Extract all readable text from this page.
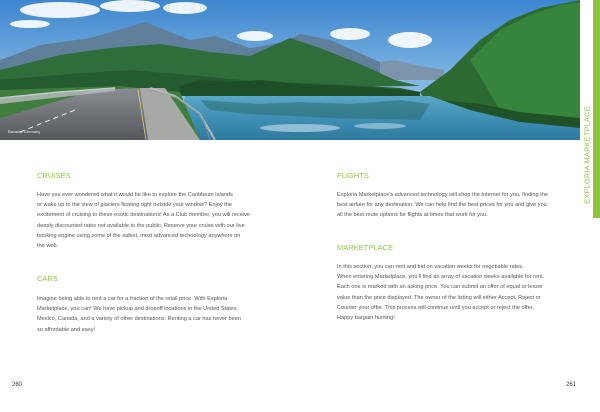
Bavaria, Germany	EXPLORIA MARKETPLACE
CRUISES

Have you ever wondered what it would be like to explore the Caribbean Islands

or wake up to the view of glaciers floating right outside your window? Enjoy the

excitement of cruising to these exotic destinations! As a Club member, you will receive

deeply discounted rates not available to the public. Reserve your cruise with our live

booking engine using some of the safest, most advanced technology anywhere on

the web.

CARS

Imagine being able to rent a car for a fraction of the retail price. With Exploria

Marketplace, you can! We have pickup and dropoff locations in the United States,

Mexico, Canada, and a variety of other destinations. Renting a car has never been

so affordable and easy!

260
FLIGHTS

Exploria Marketplace's advanced technology will shop the Internet for you, finding the

best airfare for any destination. We can help find the best prices for you and give you

all the best route options for flights at times that work for you.

MARKETPLACE

In this section, you can rent and bid on vacation weeks for negotiable rates.

When entering Marketplace, you'll find an array of vacation weeks available for rent.

Each one is marked with an asking price. You can submit an offer of equal or lesser

value than the price displayed. The owner of the listing will either Accept, Reject or

Counter your offer. This process will continue until you accept or reject the offer.

Happy bargain hunting!

261
